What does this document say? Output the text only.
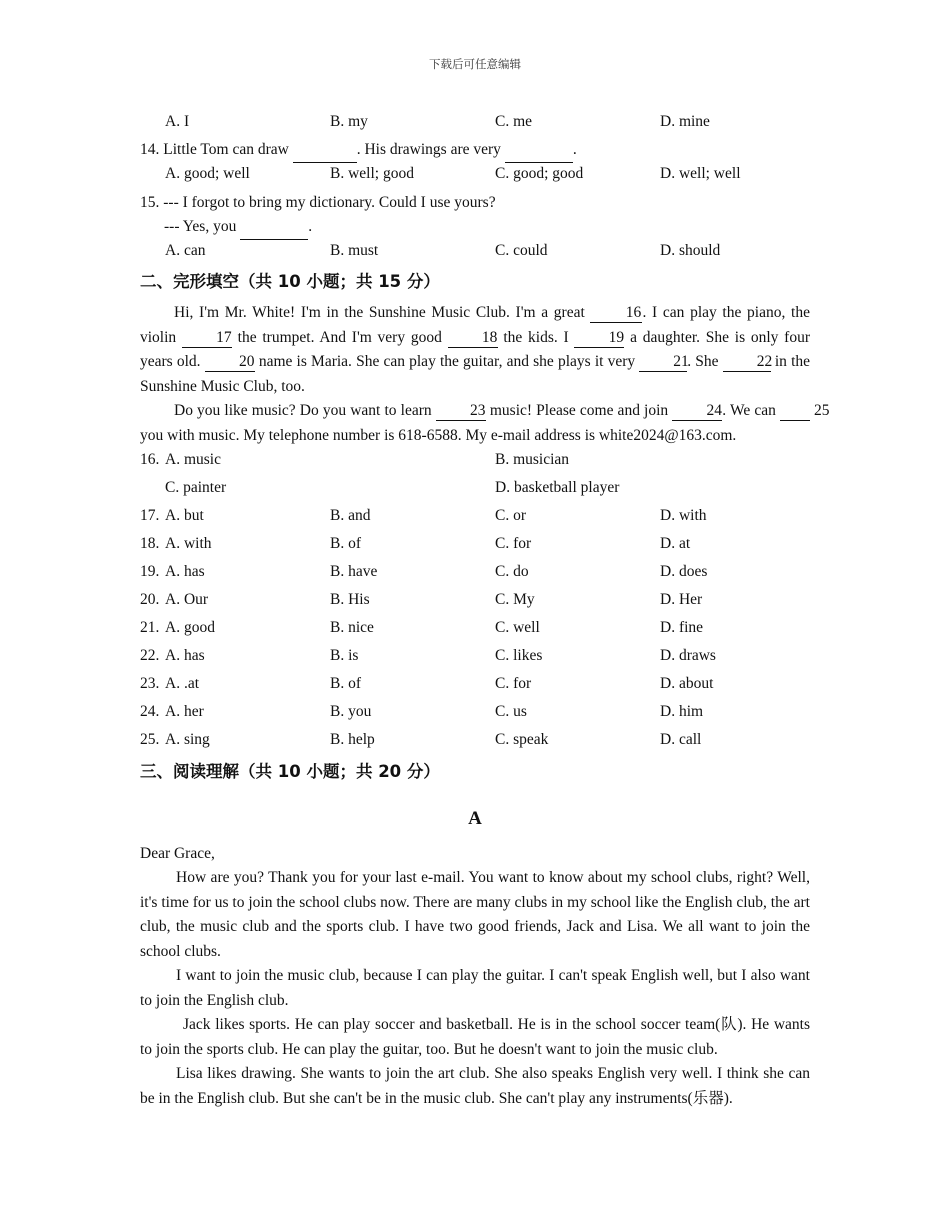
下载后可任意编辑
A. I	B. my	C. me	D. mine
14. Little Tom can draw	. His drawings are very	.
A. good; well	B. well; good	C. good; good	D. well; well
15. --- I forgot to bring my dictionary. Could I use yours?
--- Yes, you	.
A. can	B. must	C. could	D. should
二、完形填空（共 10 小题；共 15 分）
Hi, I'm Mr. White! I'm in the Sunshine Music Club. I'm a great 16. I can play the piano, the violin 17 the trumpet. And I'm very good 18 the kids. I 19 a daughter. She is only four years old. 20 name is Maria. She can play the guitar, and she plays it very 21. She 22 in the Sunshine Music Club, too.
Do you like music? Do you want to learn 23 music! Please come and join 24. We can 25 you with music. My telephone number is 618-6588. My e-mail address is white2024@163.com.
16. A. music	B. musician
C. painter	D. basketball player
17. A. but	B. and	C. or	D. with
18. A. with	B. of	C. for	D. at
19. A. has	B. have	C. do	D. does
20. A. Our	B. His	C. My	D. Her
21. A. good	B. nice	C. well	D. fine
22. A. has	B. is	C. likes	D. draws
23. A. .at	B. of	C. for	D. about
24. A. her	B. you	C. us	D. him
25. A. sing	B. help	C. speak	D. call
三、阅读理解（共 10 小题；共 20 分）
A
Dear Grace,
How are you? Thank you for your last e-mail. You want to know about my school clubs, right? Well, it's time for us to join the school clubs now. There are many clubs in my school like the English club, the art club, the music club and the sports club. I have two good friends, Jack and Lisa. We all want to join the school clubs.
I want to join the music club, because I can play the guitar. I can't speak English well, but I also want to join the English club.
Jack likes sports. He can play soccer and basketball. He is in the school soccer team(队). He wants to join the sports club. He can play the guitar, too. But he doesn't want to join the music club.
Lisa likes drawing. She wants to join the art club. She also speaks English very well. I think she can be in the English club. But she can't be in the music club. She can't play any instruments(乐器).
